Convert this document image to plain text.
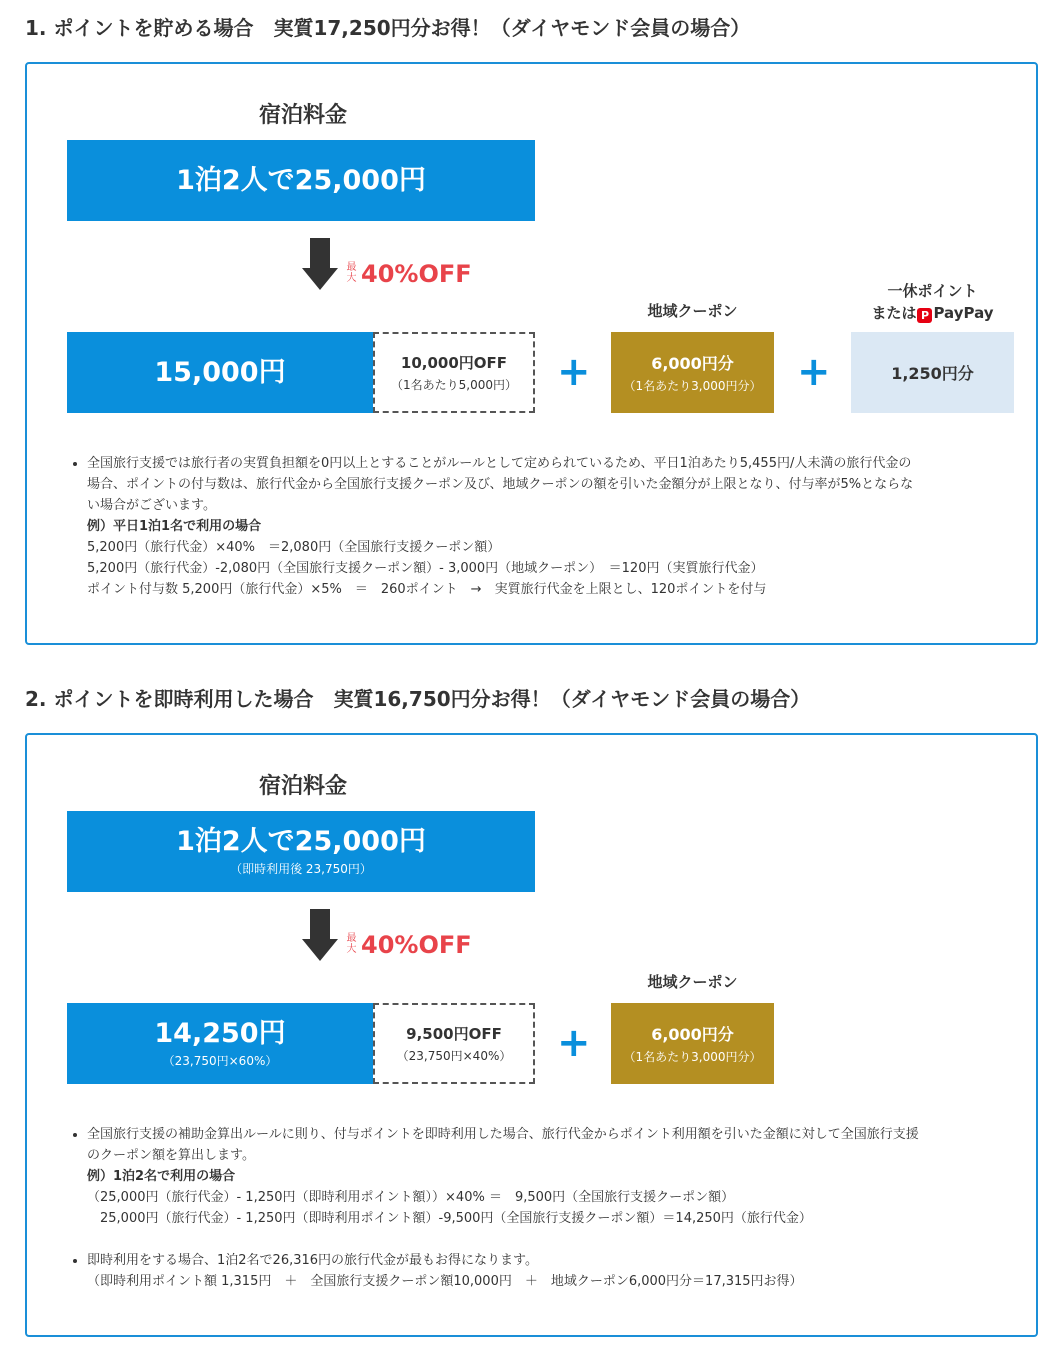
1. ポイントを貯める場合　実質17,250円分お得！（ダイヤモンド会員の場合）
宿泊料金
1泊2人で25,000円
最大 40%OFF
地域クーポン
一休ポイント
または P PayPay
15,000円	10,000円OFF
（1名あたり5,000円） +	6,000円分
（1名あたり3,000円分） +	1,250円分
• 全国旅行支援では旅行者の実質負担額を0円以上とすることがルールとして定められているため、平日1泊あたり5,455円/人未満の旅行代金の
場合、ポイントの付与数は、旅行代金から全国旅行支援クーポン及び、地域クーポンの額を引いた金額分が上限となり、付与率が5%とならな
い場合がございます。
例）平日1泊1名で利用の場合
5,200円（旅行代金）×40%　＝2,080円（全国旅行支援クーポン額）
5,200円（旅行代金）-2,080円（全国旅行支援クーポン額）- 3,000円（地域クーポン）　＝120円（実質旅行代金）
ポイント付与数 5,200円（旅行代金）×5%　＝　260ポイント　→　実質旅行代金を上限とし、120ポイントを付与
2. ポイントを即時利用した場合　実質16,750円分お得！（ダイヤモンド会員の場合）
宿泊料金
1泊2人で25,000円
（即時利用後 23,750円）
最大 40%OFF
地域クーポン
14,250円
（23,750円×60%）
9,500円OFF
（23,750円×40%） +	6,000円分
（1名あたり3,000円分）
• 全国旅行支援の補助金算出ルールに則り、付与ポイントを即時利用した場合、旅行代金からポイント利用額を引いた金額に対して全国旅行支援
のクーポン額を算出します。
例）1泊2名で利用の場合
（25,000円（旅行代金）- 1,250円（即時利用ポイント額））×40% ＝　9,500円（全国旅行支援クーポン額）
　25,000円（旅行代金）- 1,250円（即時利用ポイント額）-9,500円（全国旅行支援クーポン額）＝14,250円（旅行代金）
• 即時利用をする場合、1泊2名で26,316円の旅行代金が最もお得になります。
（即時利用ポイント額 1,315円　＋　全国旅行支援クーポン額10,000円　＋　地域クーポン6,000円分＝17,315円お得）
